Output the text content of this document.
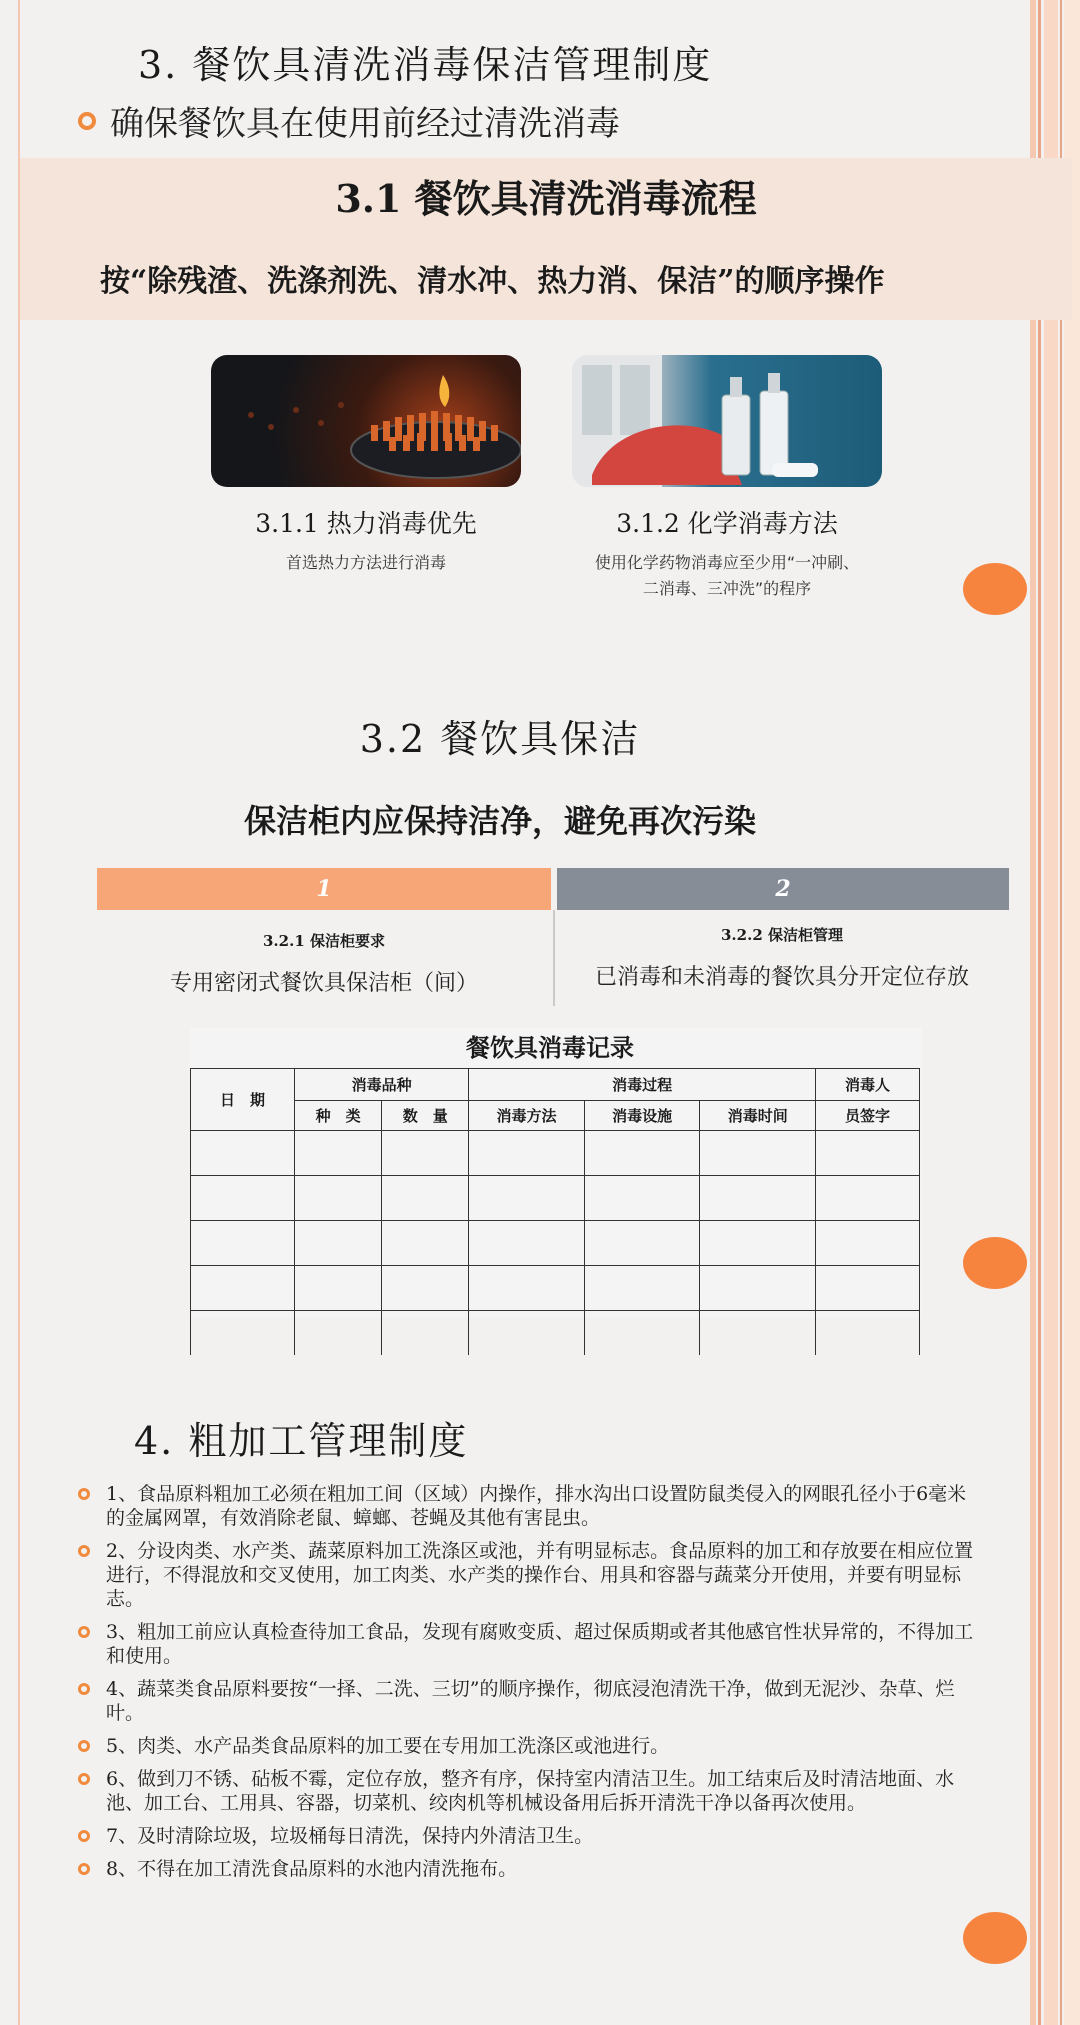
3. 餐饮具清洗消毒保洁管理制度
确保餐饮具在使用前经过清洗消毒
3.1 餐饮具清洗消毒流程
按“除残渣、洗涤剂洗、清水冲、热力消、保洁”的顺序操作
3.1.1 热力消毒优先
首选热力方法进行消毒
3.1.2 化学消毒方法
使用化学药物消毒应至少用“一冲刷、
二消毒、三冲洗”的程序
3.2 餐饮具保洁
保洁柜内应保持洁净，避免再次污染
1	2
3.2.1 保洁柜要求
专用密闭式餐饮具保洁柜（间）
3.2.2 保洁柜管理
已消毒和未消毒的餐饮具分开定位存放
餐饮具消毒记录
日　期	消毒品种		消毒过程			消毒人
	种　类	数　量	消毒方法	消毒设施	消毒时间	员签字

4. 粗加工管理制度
1、食品原料粗加工必须在粗加工间（区域）内操作，排水沟出口设置防鼠类侵入的网眼孔径小于6毫米的金属网罩，有效消除老鼠、蟑螂、苍蝇及其他有害昆虫。
2、分设肉类、水产类、蔬菜原料加工洗涤区或池，并有明显标志。食品原料的加工和存放要在相应位置进行，不得混放和交叉使用，加工肉类、水产类的操作台、用具和容器与蔬菜分开使用，并要有明显标志。
3、粗加工前应认真检查待加工食品，发现有腐败变质、超过保质期或者其他感官性状异常的，不得加工和使用。
4、蔬菜类食品原料要按“一择、二洗、三切”的顺序操作，彻底浸泡清洗干净，做到无泥沙、杂草、烂叶。
5、肉类、水产品类食品原料的加工要在专用加工洗涤区或池进行。
6、做到刀不锈、砧板不霉，定位存放，整齐有序，保持室内清洁卫生。加工结束后及时清洁地面、水池、加工台、工用具、容器，切菜机、绞肉机等机械设备用后拆开清洗干净以备再次使用。
7、及时清除垃圾，垃圾桶每日清洗，保持内外清洁卫生。
8、不得在加工清洗食品原料的水池内清洗拖布。
